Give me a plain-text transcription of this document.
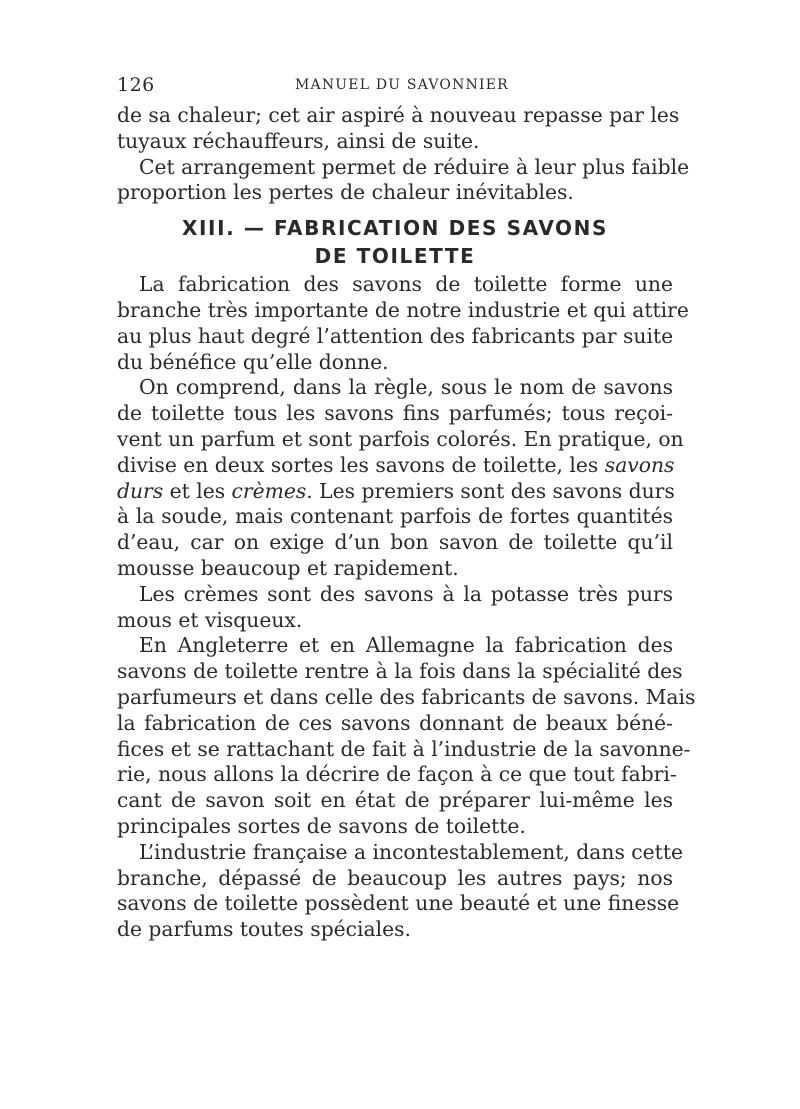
126	MANUEL DU SAVONNIER
de sa chaleur; cet air aspiré à nouveau repasse par les
tuyaux réchauffeurs, ainsi de suite.
Cet arrangement permet de réduire à leur plus faible
proportion les pertes de chaleur inévitables.
XIII. — FABRICATION DES SAVONS
DE TOILETTE
La fabrication des savons de toilette forme une
branche très importante de notre industrie et qui attire
au plus haut degré l’attention des fabricants par suite
du bénéfice qu’elle donne.
On comprend, dans la règle, sous le nom de savons
de toilette tous les savons fins parfumés; tous reçoi-
vent un parfum et sont parfois colorés. En pratique, on
divise en deux sortes les savons de toilette, les savons
durs et les crèmes. Les premiers sont des savons durs
à la soude, mais contenant parfois de fortes quantités
d’eau, car on exige d’un bon savon de toilette qu’il
mousse beaucoup et rapidement.
Les crèmes sont des savons à la potasse très purs
mous et visqueux.
En Angleterre et en Allemagne la fabrication des
savons de toilette rentre à la fois dans la spécialité des
parfumeurs et dans celle des fabricants de savons. Mais
la fabrication de ces savons donnant de beaux béné-
fices et se rattachant de fait à l’industrie de la savonne-
rie, nous allons la décrire de façon à ce que tout fabri-
cant de savon soit en état de préparer lui-même les
principales sortes de savons de toilette.
L’industrie française a incontestablement, dans cette
branche, dépassé de beaucoup les autres pays; nos
savons de toilette possèdent une beauté et une finesse
de parfums toutes spéciales.
